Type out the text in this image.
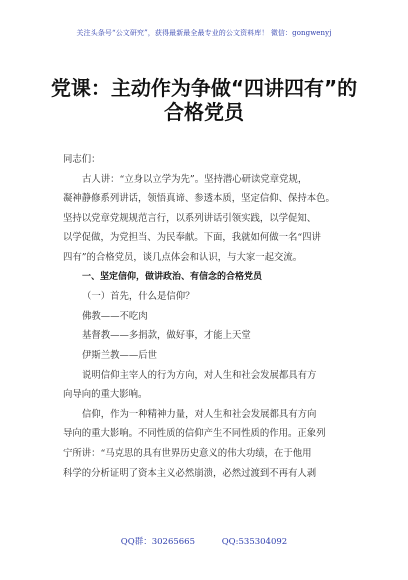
关注头条号“公文研究”，获得最新最全最专业的公文资料库！ 微信：gongwenyj
党课：主动作为争做“四讲四有”的
合格党员
同志们：
古人讲：“立身以立学为先”。坚持潜心研读党章党规，
凝神静修系列讲话，领悟真谛、参透本质，坚定信仰、保持本色。
坚持以党章党规规范言行，以系列讲话引领实践，以学促知、
以学促做，为党担当、为民奉献。下面，我就如何做一名“四讲
四有”的合格党员，谈几点体会和认识，与大家一起交流。
一、坚定信仰，做讲政治、有信念的合格党员
（一）首先，什么是信仰？
佛教——不吃肉
基督教——多捐款，做好事，才能上天堂
伊斯兰教——后世
说明信仰主宰人的行为方向，对人生和社会发展都具有方
向导向的重大影响。
信仰，作为一种精神力量，对人生和社会发展都具有方向
导向的重大影响。不同性质的信仰产生不同性质的作用。正象列
宁所讲：“马克思的具有世界历史意义的伟大功绩，在于他用
科学的分析证明了资本主义必然崩溃，必然过渡到不再有人剥
QQ群：30265665	QQ:535304092
